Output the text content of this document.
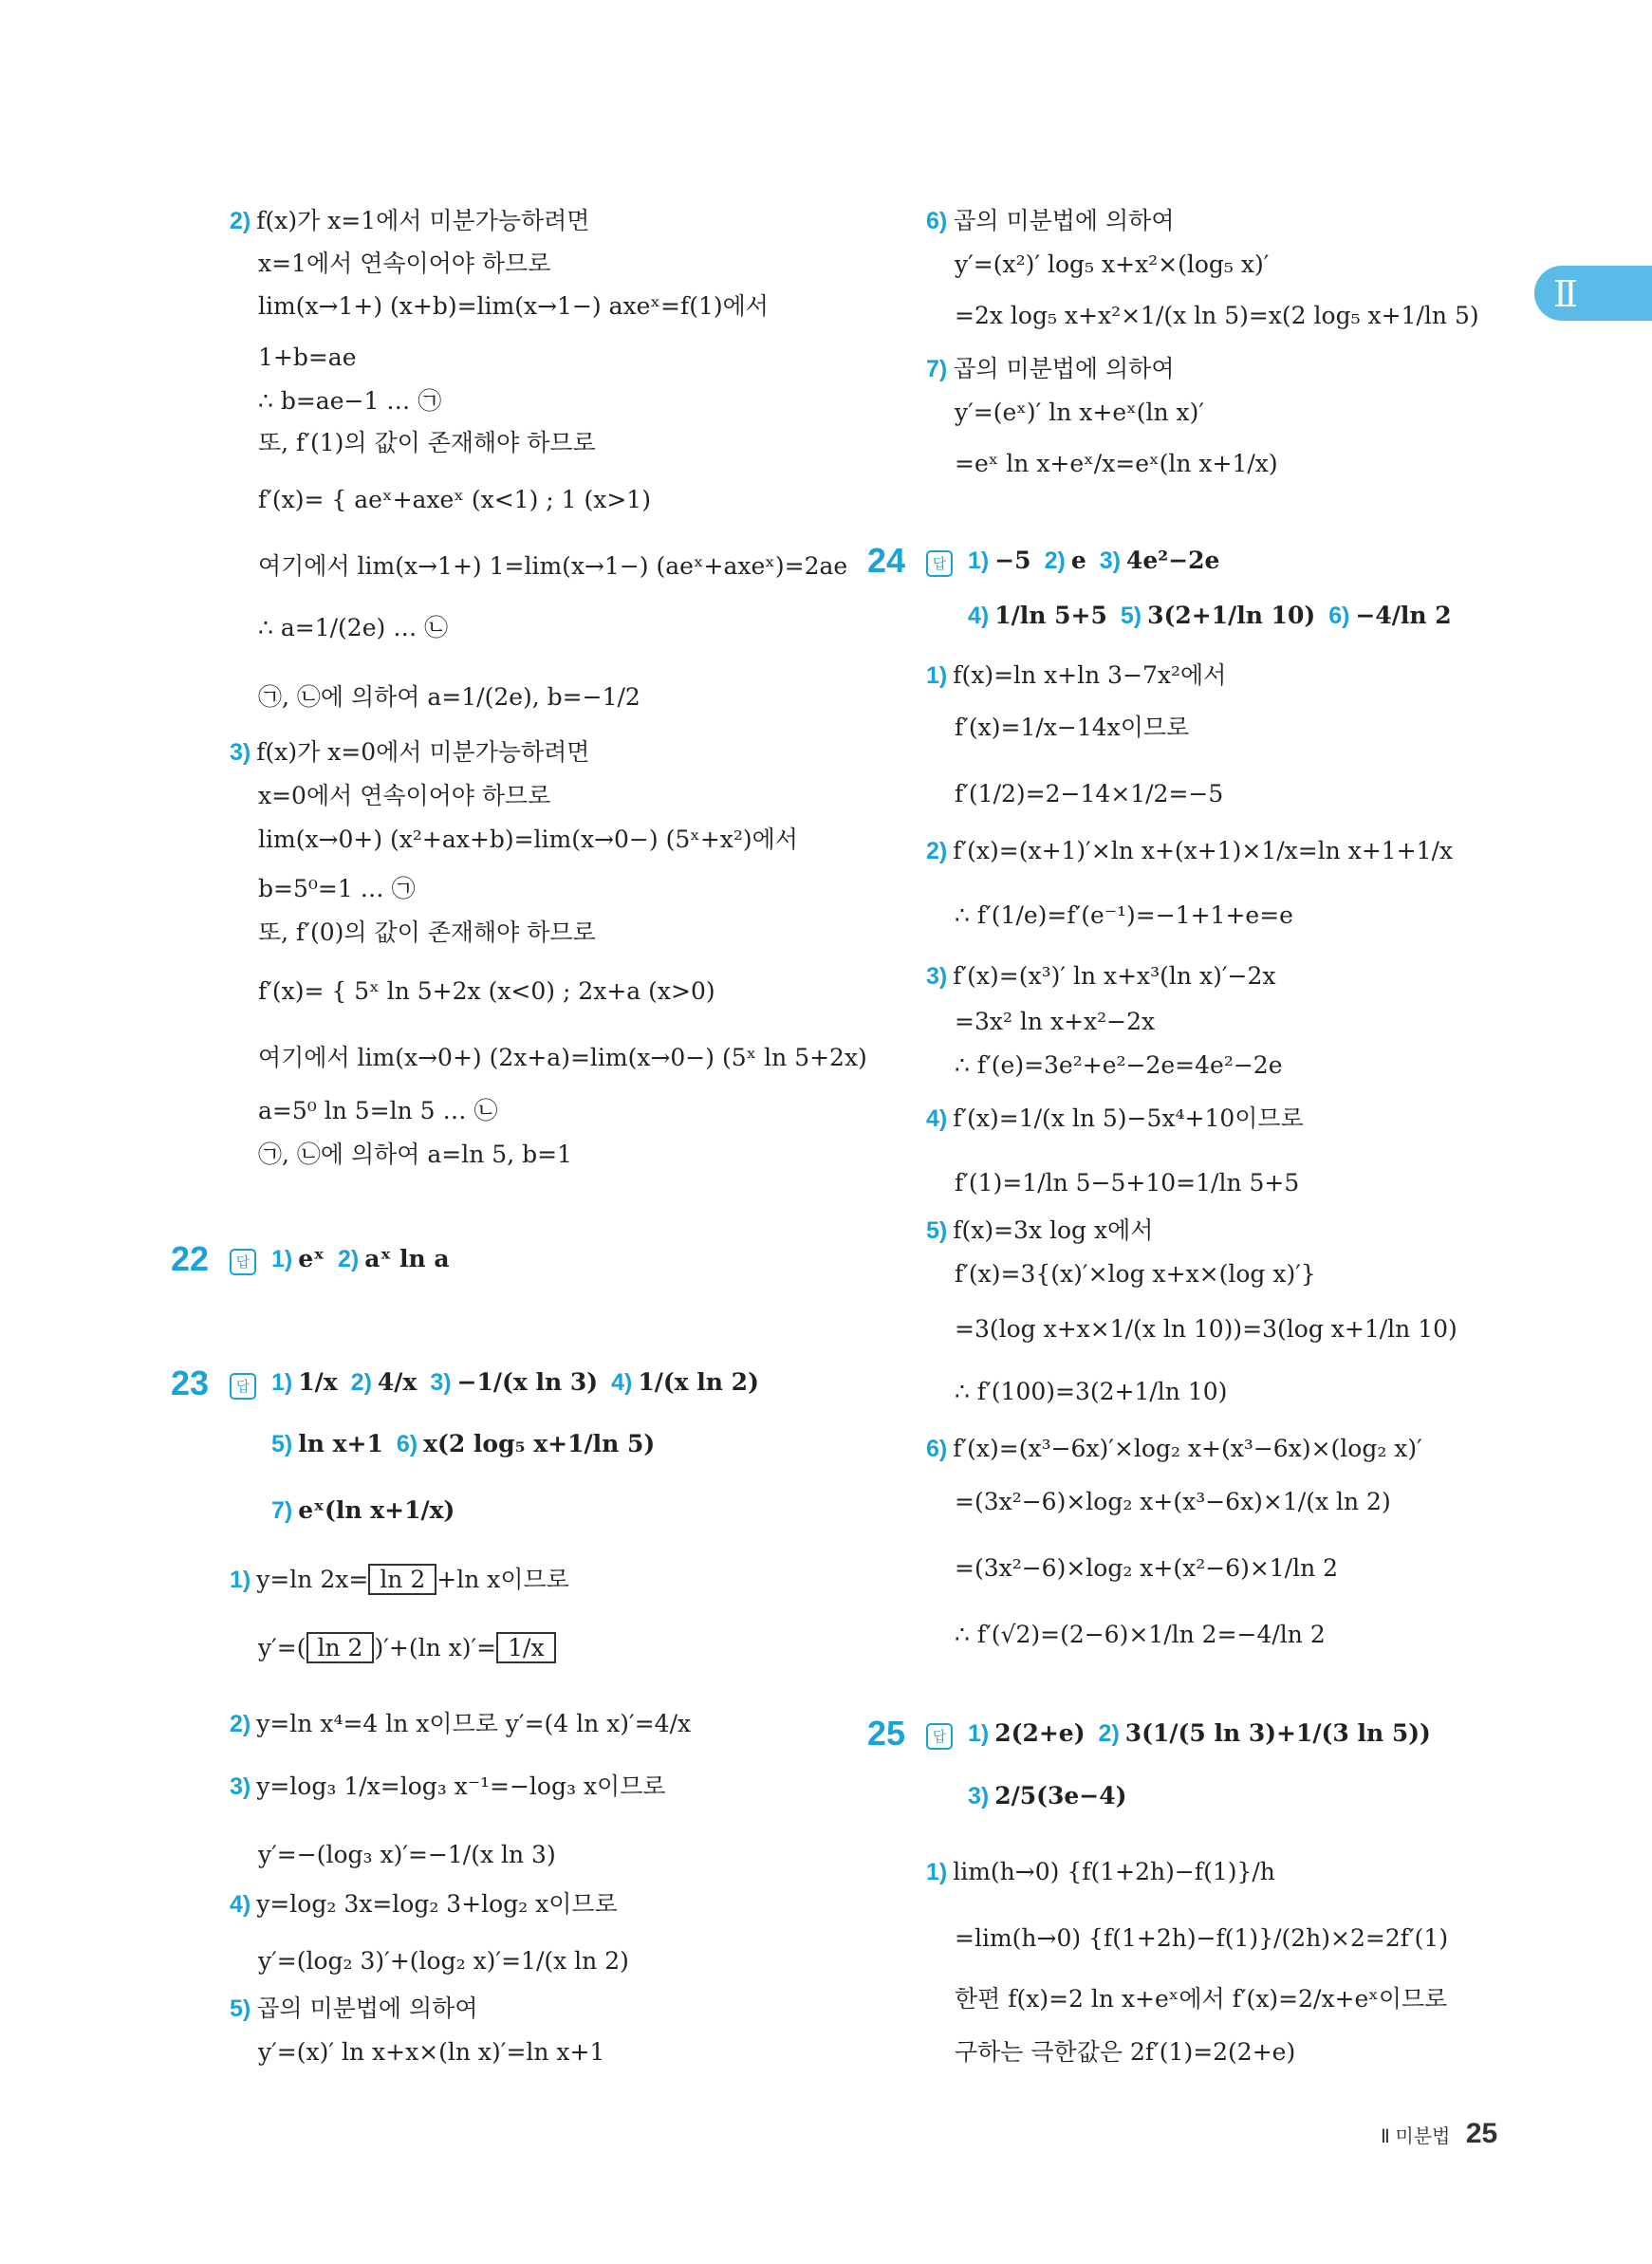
Ⅱ
2) f(x)가 x=1에서 미분가능하려면
x=1에서 연속이어야 하므로
lim(x→1+) (x+b)=lim(x→1−) axeˣ=f(1)에서
1+b=ae
∴ b=ae−1 … ㉠
또, f′(1)의 값이 존재해야 하므로
f′(x)= { aeˣ+axeˣ (x<1) ; 1 (x>1)
여기에서 lim(x→1+) 1=lim(x→1−) (aeˣ+axeˣ)=2ae
∴ a=1/(2e) … ㉡
㉠, ㉡에 의하여 a=1/(2e), b=−1/2
3) f(x)가 x=0에서 미분가능하려면
x=0에서 연속이어야 하므로
lim(x→0+) (x²+ax+b)=lim(x→0−) (5ˣ+x²)에서
b=5⁰=1 … ㉠
또, f′(0)의 값이 존재해야 하므로
f′(x)= { 5ˣ ln 5+2x (x<0) ; 2x+a (x>0)
여기에서 lim(x→0+) (2x+a)=lim(x→0−) (5ˣ ln 5+2x)
a=5⁰ ln 5=ln 5 … ㉡
㉠, ㉡에 의하여 a=ln 5, b=1
22	답 1) eˣ 2) aˣ ln a
23	답 1) 1/x 2) 4/x 3) −1/(x ln 3) 4) 1/(x ln 2)
5) ln x+1 6) x(2 log₅ x+1/ln 5)
7) eˣ(ln x+1/x)
1) y=ln 2x= ln 2 +ln x이므로
y′=( ln 2 )′+(ln x)′= 1/x
2) y=ln x⁴=4 ln x이므로 y′=(4 ln x)′=4/x
3) y=log₃ 1/x=log₃ x⁻¹=−log₃ x이므로
y′=−(log₃ x)′=−1/(x ln 3)
4) y=log₂ 3x=log₂ 3+log₂ x이므로
y′=(log₂ 3)′+(log₂ x)′=1/(x ln 2)
5) 곱의 미분법에 의하여
y′=(x)′ ln x+x×(ln x)′=ln x+1
6) 곱의 미분법에 의하여
y′=(x²)′ log₅ x+x²×(log₅ x)′
=2x log₅ x+x²×1/(x ln 5)=x(2 log₅ x+1/ln 5)
7) 곱의 미분법에 의하여
y′=(eˣ)′ ln x+eˣ(ln x)′
=eˣ ln x+eˣ/x=eˣ(ln x+1/x)
24	답 1) −5 2) e 3) 4e²−2e
4) 1/ln 5+5 5) 3(2+1/ln 10) 6) −4/ln 2
1) f(x)=ln x+ln 3−7x²에서
f′(x)=1/x−14x이므로
f′(1/2)=2−14×1/2=−5
2) f′(x)=(x+1)′×ln x+(x+1)×1/x=ln x+1+1/x
∴ f′(1/e)=f′(e⁻¹)=−1+1+e=e
3) f′(x)=(x³)′ ln x+x³(ln x)′−2x
=3x² ln x+x²−2x
∴ f′(e)=3e²+e²−2e=4e²−2e
4) f′(x)=1/(x ln 5)−5x⁴+10이므로
f′(1)=1/ln 5−5+10=1/ln 5+5
5) f(x)=3x log x에서
f′(x)=3{(x)′×log x+x×(log x)′}
=3(log x+x×1/(x ln 10))=3(log x+1/ln 10)
∴ f′(100)=3(2+1/ln 10)
6) f′(x)=(x³−6x)′×log₂ x+(x³−6x)×(log₂ x)′
=(3x²−6)×log₂ x+(x³−6x)×1/(x ln 2)
=(3x²−6)×log₂ x+(x²−6)×1/ln 2
∴ f′(√2)=(2−6)×1/ln 2=−4/ln 2
25	답 1) 2(2+e) 2) 3(1/(5 ln 3)+1/(3 ln 5))
3) 2/5(3e−4)
1) lim(h→0) {f(1+2h)−f(1)}/h
=lim(h→0) {f(1+2h)−f(1)}/(2h)×2=2f′(1)
한편 f(x)=2 ln x+eˣ에서 f′(x)=2/x+eˣ이므로
구하는 극한값은 2f′(1)=2(2+e)
Ⅱ 미분법 25
